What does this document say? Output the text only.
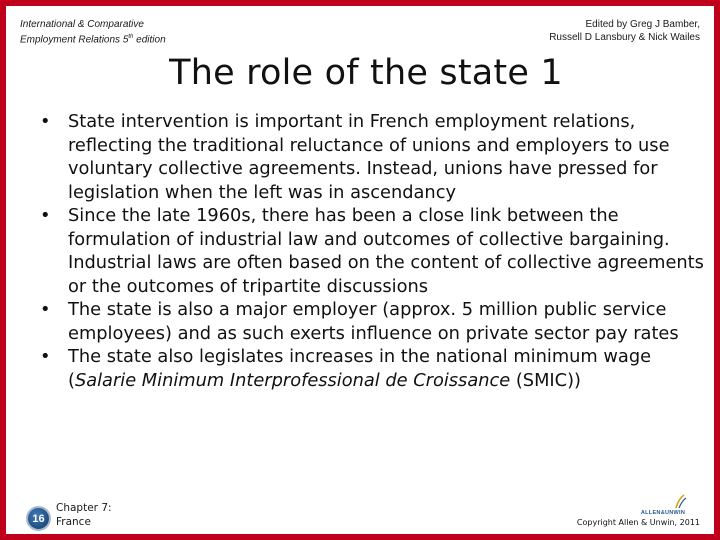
International & Comparative
Employment Relations 5th edition
Edited by Greg J Bamber,
Russell D Lansbury & Nick Wailes
The role of the state 1
• State intervention is important in French employment relations, reflecting the traditional reluctance of unions and employers to use voluntary collective agreements. Instead, unions have pressed for legislation when the left was in ascendancy
• Since the late 1960s, there has been a close link between the formulation of industrial law and outcomes of collective bargaining. Industrial laws are often based on the content of collective agreements or the outcomes of tripartite discussions
• The state is also a major employer (approx. 5 million public service employees) and as such exerts influence on private sector pay rates
• The state also legislates increases in the national minimum wage (Salarie Minimum Interprofessional de Croissance (SMIC))
16
Chapter 7:
France
ALLEN&UNWIN
Copyright Allen & Unwin, 2011
